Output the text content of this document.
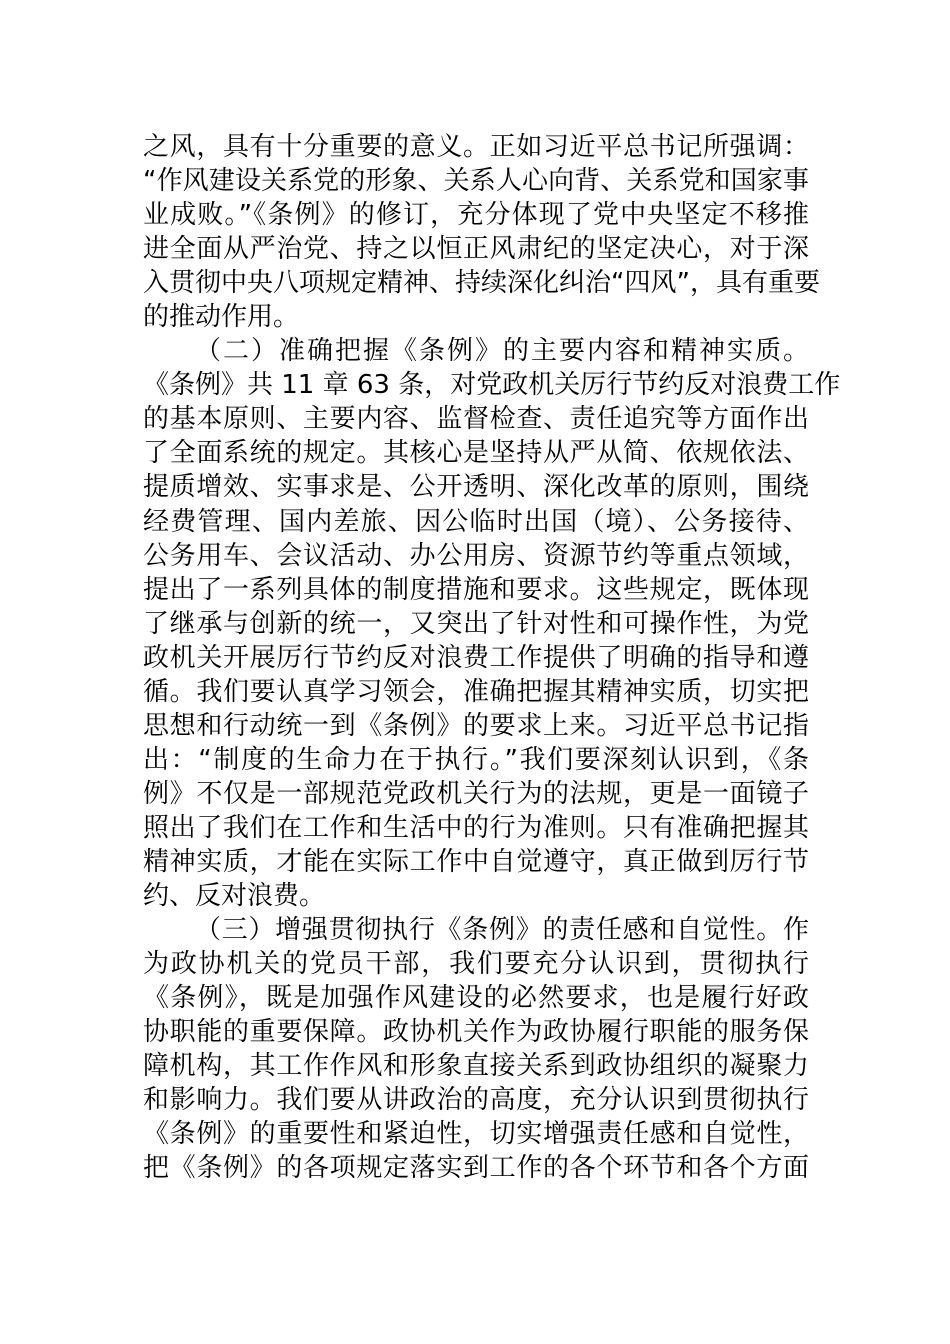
之风，具有十分重要的意义。正如习近平总书记所强调：
“作风建设关系党的形象、关系人心向背、关系党和国家事
业成败。”《条例》的修订，充分体现了党中央坚定不移推
进全面从严治党、持之以恒正风肃纪的坚定决心，对于深
入贯彻中央八项规定精神、持续深化纠治“四风”，具有重要
的推动作用。
（二）准确把握《条例》的主要内容和精神实质。
《条例》共 11 章 63 条，对党政机关厉行节约反对浪费工作
的基本原则、主要内容、监督检查、责任追究等方面作出
了全面系统的规定。其核心是坚持从严从简、依规依法、
提质增效、实事求是、公开透明、深化改革的原则，围绕
经费管理、国内差旅、因公临时出国（境）、公务接待、
公务用车、会议活动、办公用房、资源节约等重点领域，
提出了一系列具体的制度措施和要求。这些规定，既体现
了继承与创新的统一，又突出了针对性和可操作性，为党
政机关开展厉行节约反对浪费工作提供了明确的指导和遵
循。我们要认真学习领会，准确把握其精神实质，切实把
思想和行动统一到《条例》的要求上来。习近平总书记指
出：“制度的生命力在于执行。”我们要深刻认识到，《条
例》不仅是一部规范党政机关行为的法规，更是一面镜子
照出了我们在工作和生活中的行为准则。只有准确把握其
精神实质，才能在实际工作中自觉遵守，真正做到厉行节
约、反对浪费。
（三）增强贯彻执行《条例》的责任感和自觉性。作
为政协机关的党员干部，我们要充分认识到，贯彻执行
《条例》，既是加强作风建设的必然要求，也是履行好政
协职能的重要保障。政协机关作为政协履行职能的服务保
障机构，其工作作风和形象直接关系到政协组织的凝聚力
和影响力。我们要从讲政治的高度，充分认识到贯彻执行
《条例》的重要性和紧迫性，切实增强责任感和自觉性，
把《条例》的各项规定落实到工作的各个环节和各个方面
